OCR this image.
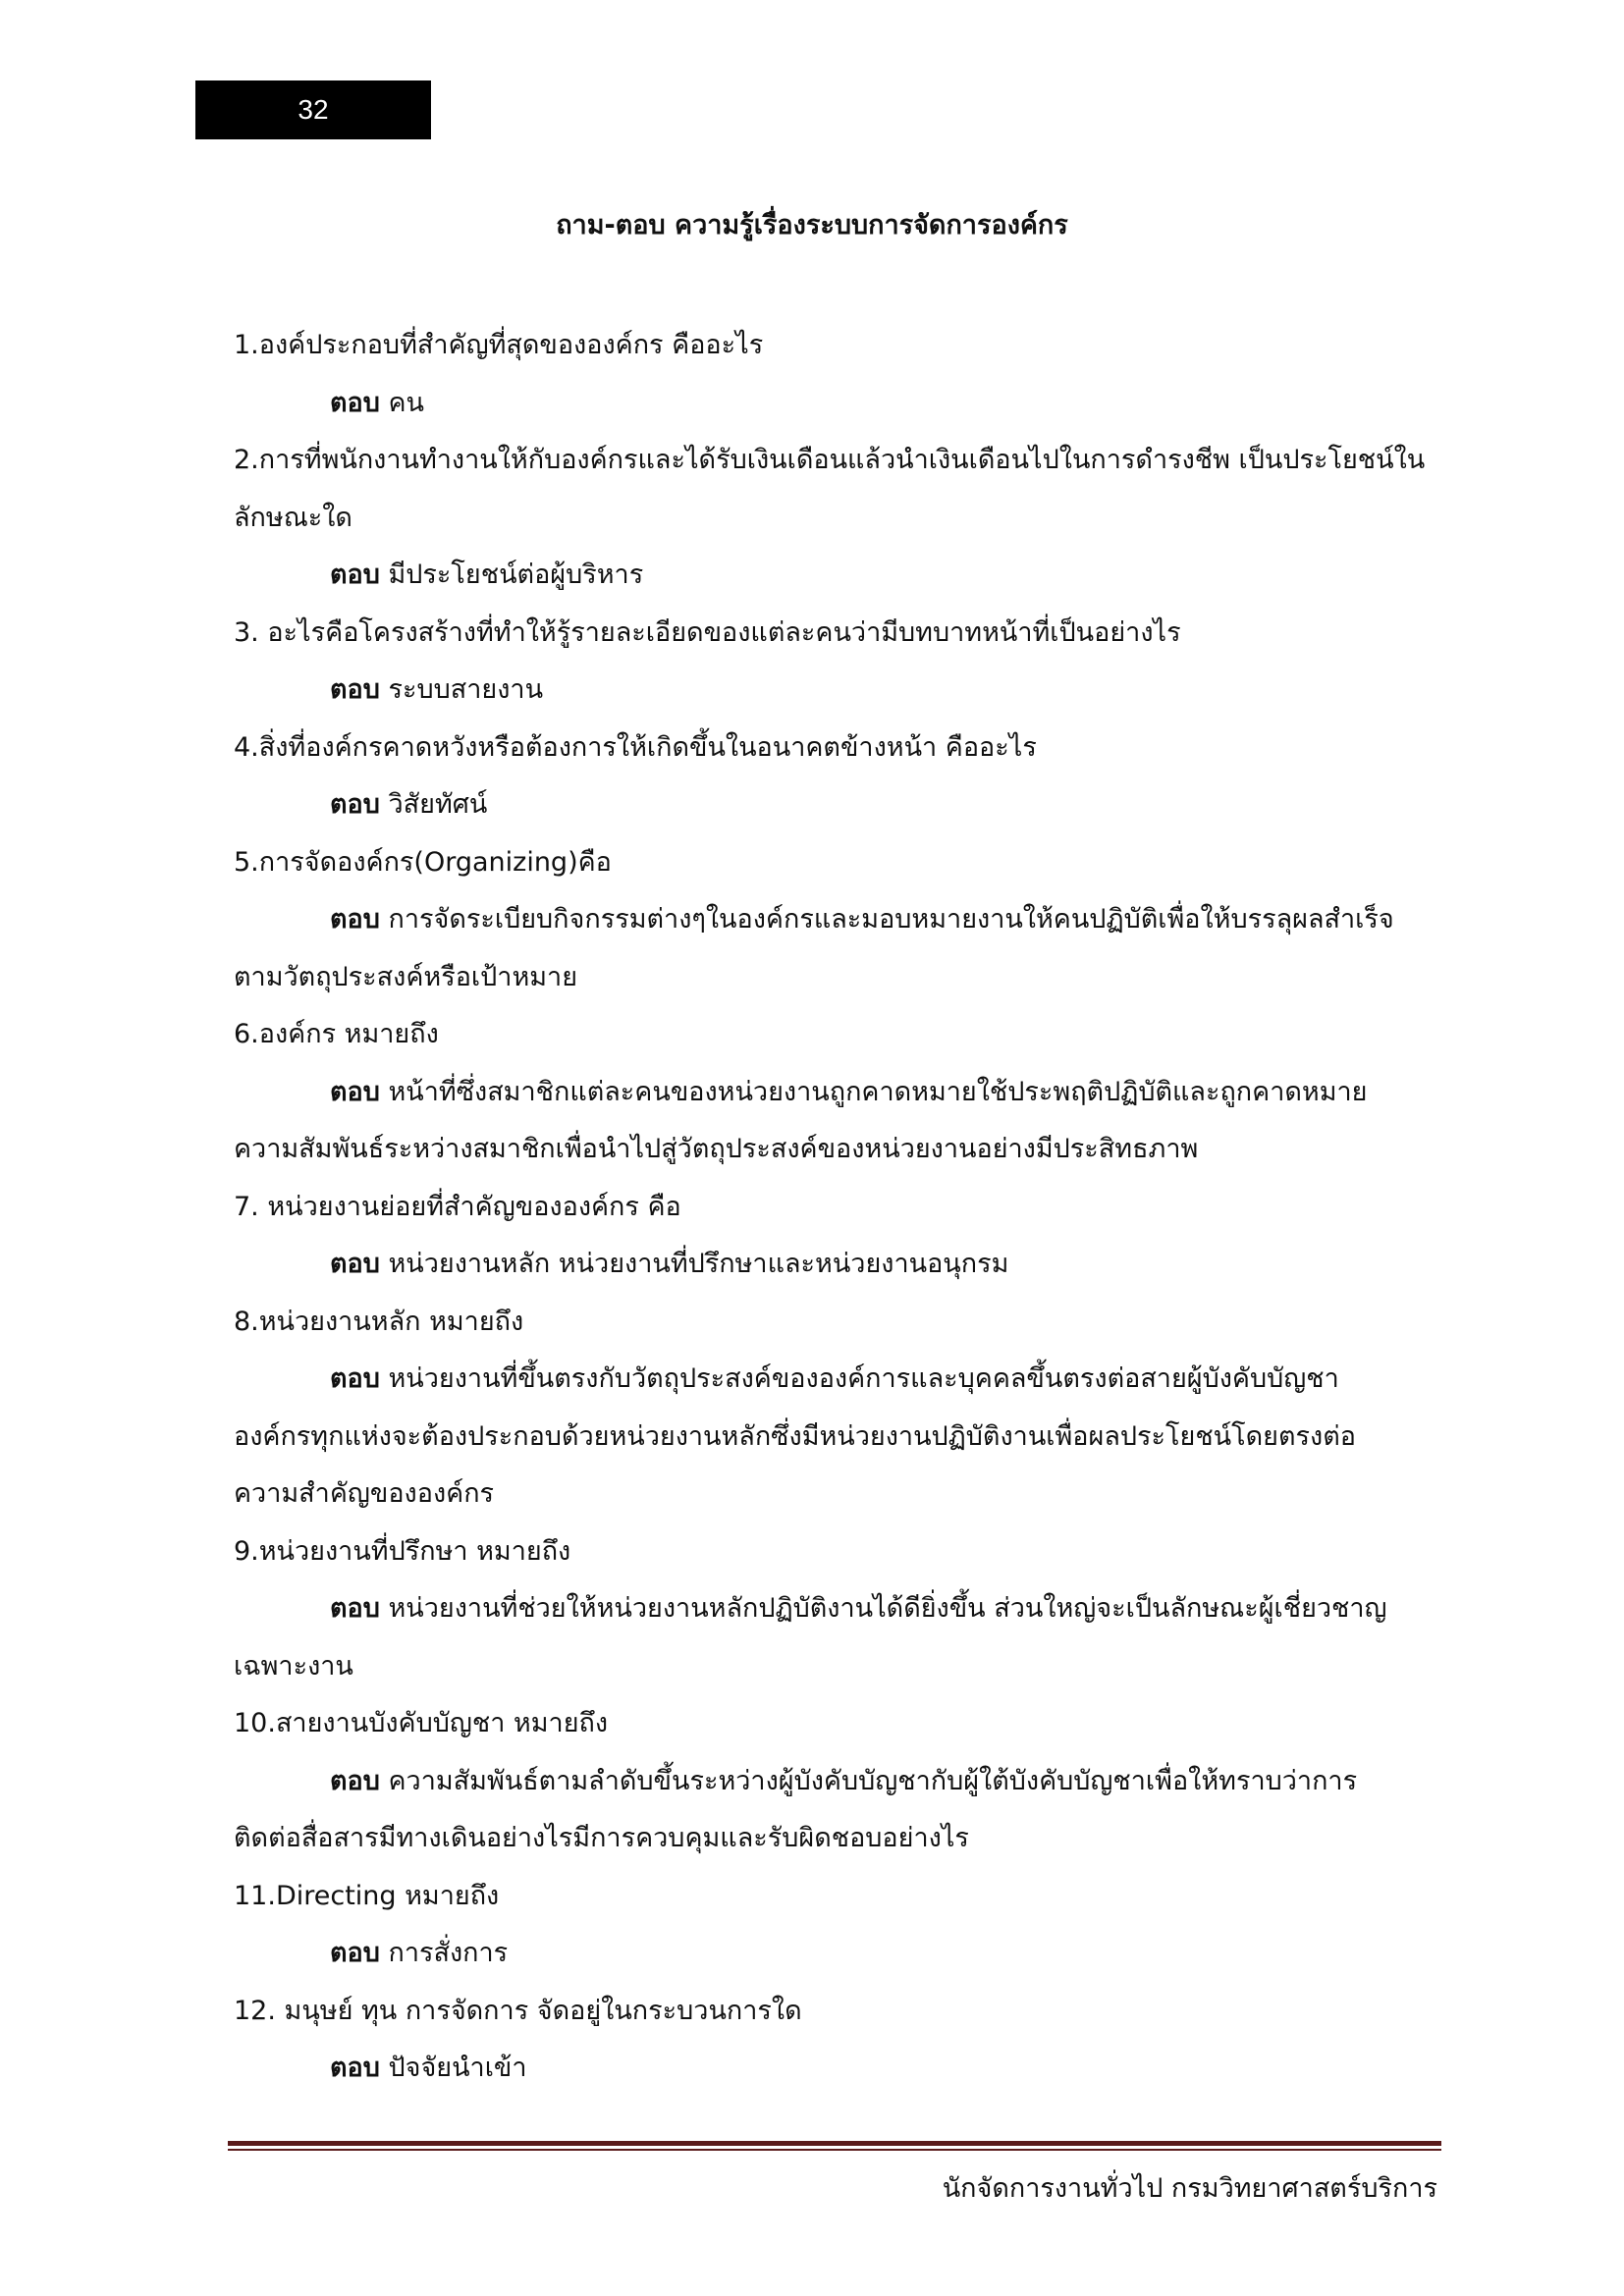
32
ถาม-ตอบ ความรู้เรื่องระบบการจัดการองค์กร
1.องค์ประกอบที่สำคัญที่สุดขององค์กร คืออะไร
ตอบ คน
2.การที่พนักงานทำงานให้กับองค์กรและได้รับเงินเดือนแล้วนำเงินเดือนไปในการดำรงชีพ เป็นประโยชน์ใน
ลักษณะใด
ตอบ มีประโยชน์ต่อผู้บริหาร
3. อะไรคือโครงสร้างที่ทำให้รู้รายละเอียดของแต่ละคนว่ามีบทบาทหน้าที่เป็นอย่างไร
ตอบ ระบบสายงาน
4.สิ่งที่องค์กรคาดหวังหรือต้องการให้เกิดขึ้นในอนาคตข้างหน้า คืออะไร
ตอบ วิสัยทัศน์
5.การจัดองค์กร(Organizing)คือ
ตอบ การจัดระเบียบกิจกรรมต่างๆในองค์กรและมอบหมายงานให้คนปฏิบัติเพื่อให้บรรลุผลสำเร็จ
ตามวัตถุประสงค์หรือเป้าหมาย
6.องค์กร หมายถึง
ตอบ หน้าที่ซึ่งสมาชิกแต่ละคนของหน่วยงานถูกคาดหมายใช้ประพฤติปฏิบัติและถูกคาดหมาย
ความสัมพันธ์ระหว่างสมาชิกเพื่อนำไปสู่วัตถุประสงค์ของหน่วยงานอย่างมีประสิทธภาพ
7. หน่วยงานย่อยที่สำคัญขององค์กร คือ
ตอบ หน่วยงานหลัก หน่วยงานที่ปรึกษาและหน่วยงานอนุกรม
8.หน่วยงานหลัก หมายถึง
ตอบ หน่วยงานที่ขึ้นตรงกับวัตถุประสงค์ขององค์การและบุคคลขึ้นตรงต่อสายผู้บังคับบัญชา
องค์กรทุกแห่งจะต้องประกอบด้วยหน่วยงานหลักซึ่งมีหน่วยงานปฏิบัติงานเพื่อผลประโยชน์โดยตรงต่อ
ความสำคัญขององค์กร
9.หน่วยงานที่ปรึกษา หมายถึง
ตอบ หน่วยงานที่ช่วยให้หน่วยงานหลักปฏิบัติงานได้ดียิ่งขึ้น ส่วนใหญ่จะเป็นลักษณะผู้เชี่ยวชาญ
เฉพาะงาน
10.สายงานบังคับบัญชา หมายถึง
ตอบ ความสัมพันธ์ตามลำดับขึ้นระหว่างผู้บังคับบัญชากับผู้ใต้บังคับบัญชาเพื่อให้ทราบว่าการ
ติดต่อสื่อสารมีทางเดินอย่างไรมีการควบคุมและรับผิดชอบอย่างไร
11.Directing หมายถึง
ตอบ การสั่งการ
12. มนุษย์ ทุน การจัดการ จัดอยู่ในกระบวนการใด
ตอบ ปัจจัยนำเข้า
นักจัดการงานทั่วไป กรมวิทยาศาสตร์บริการ
